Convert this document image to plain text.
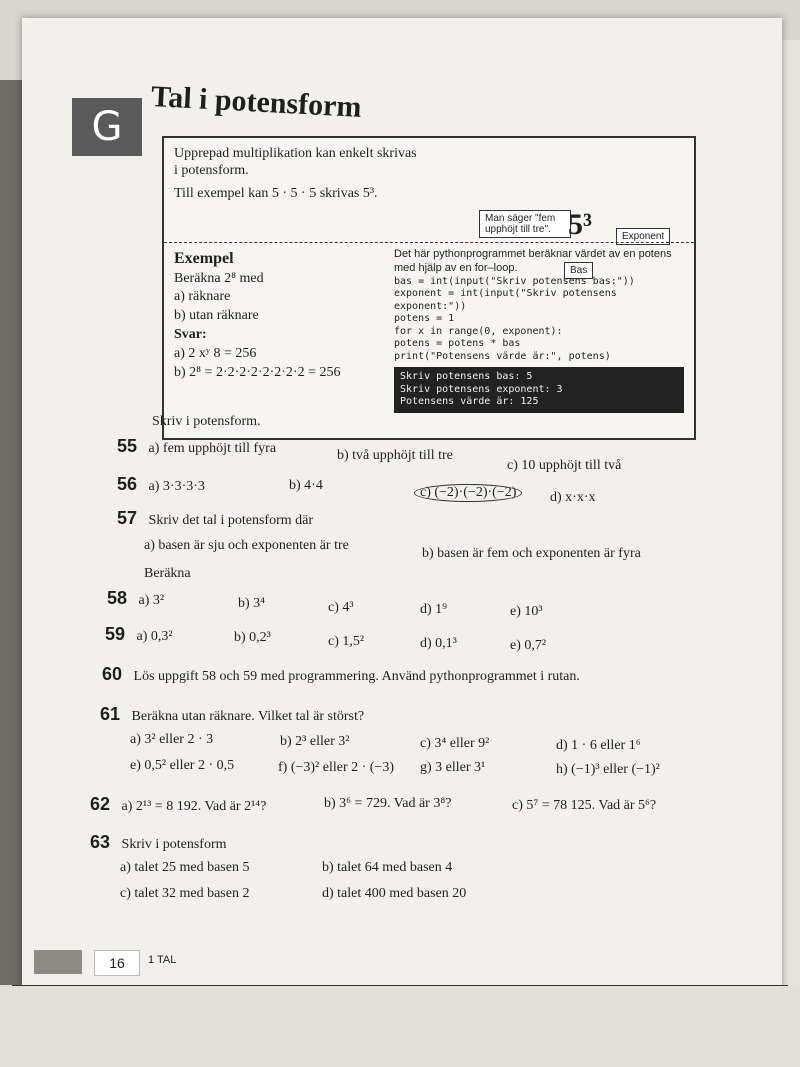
G
Tal i potensform
Upprepad multiplikation kan enkelt skrivas
i potensform.
Till exempel kan 5 · 5 · 5 skrivas 5³.
Man säger "fem upphöjt till tre". 5³	Exponent
Bas
Exempel
Beräkna 2⁸ med
a) räknare
b) utan räknare
Svar:
a) 2 xʸ 8 = 256
b) 2⁸ = 2·2·2·2·2·2·2·2 = 256
Det här pythonprogrammet beräknar värdet av en potens med hjälp av en for–loop.
bas = int(input("Skriv potensens bas:"))
exponent = int(input("Skriv potensens exponent:"))
potens = 1
for x in range(0, exponent):
potens = potens * bas
print("Potensens värde är:", potens)
Skriv potensens bas: 5
Skriv potensens exponent: 3
Potensens värde är: 125
Skriv i potensform.
55 a) fem upphöjt till fyra	b) två upphöjt till tre
c) 10 upphöjt till två
56 a) 3·3·3·3	b) 4·4	c) (−2)·(−2)·(−2)	d) x·x·x
57 Skriv det tal i potensform där
a) basen är sju och exponenten är tre
b) basen är fem och exponenten är fyra
Beräkna
58 a) 3²	b) 3⁴	c) 4³	d) 1⁹	e) 10³
59 a) 0,3²	b) 0,2³	c) 1,5²	d) 0,1³	e) 0,7²
60 Lös uppgift 58 och 59 med programmering. Använd pythonprogrammet i rutan.
61 Beräkna utan räknare. Vilket tal är störst?
a) 3² eller 2 · 3	b) 2³ eller 3²	c) 3⁴ eller 9²	d) 1 · 6 eller 1⁶
e) 0,5² eller 2 · 0,5	f) (−3)² eller 2 · (−3) g) 3 eller 3¹	h) (−1)³ eller (−1)²
62 a) 2¹³ = 8 192. Vad är 2¹⁴?	b) 3⁶ = 729. Vad är 3⁸?	c) 5⁷ = 78 125. Vad är 5⁶?
63 Skriv i potensform
a) talet 25 med basen 5	b) talet 64 med basen 4
c) talet 32 med basen 2	d) talet 400 med basen 20
16	1 TAL
